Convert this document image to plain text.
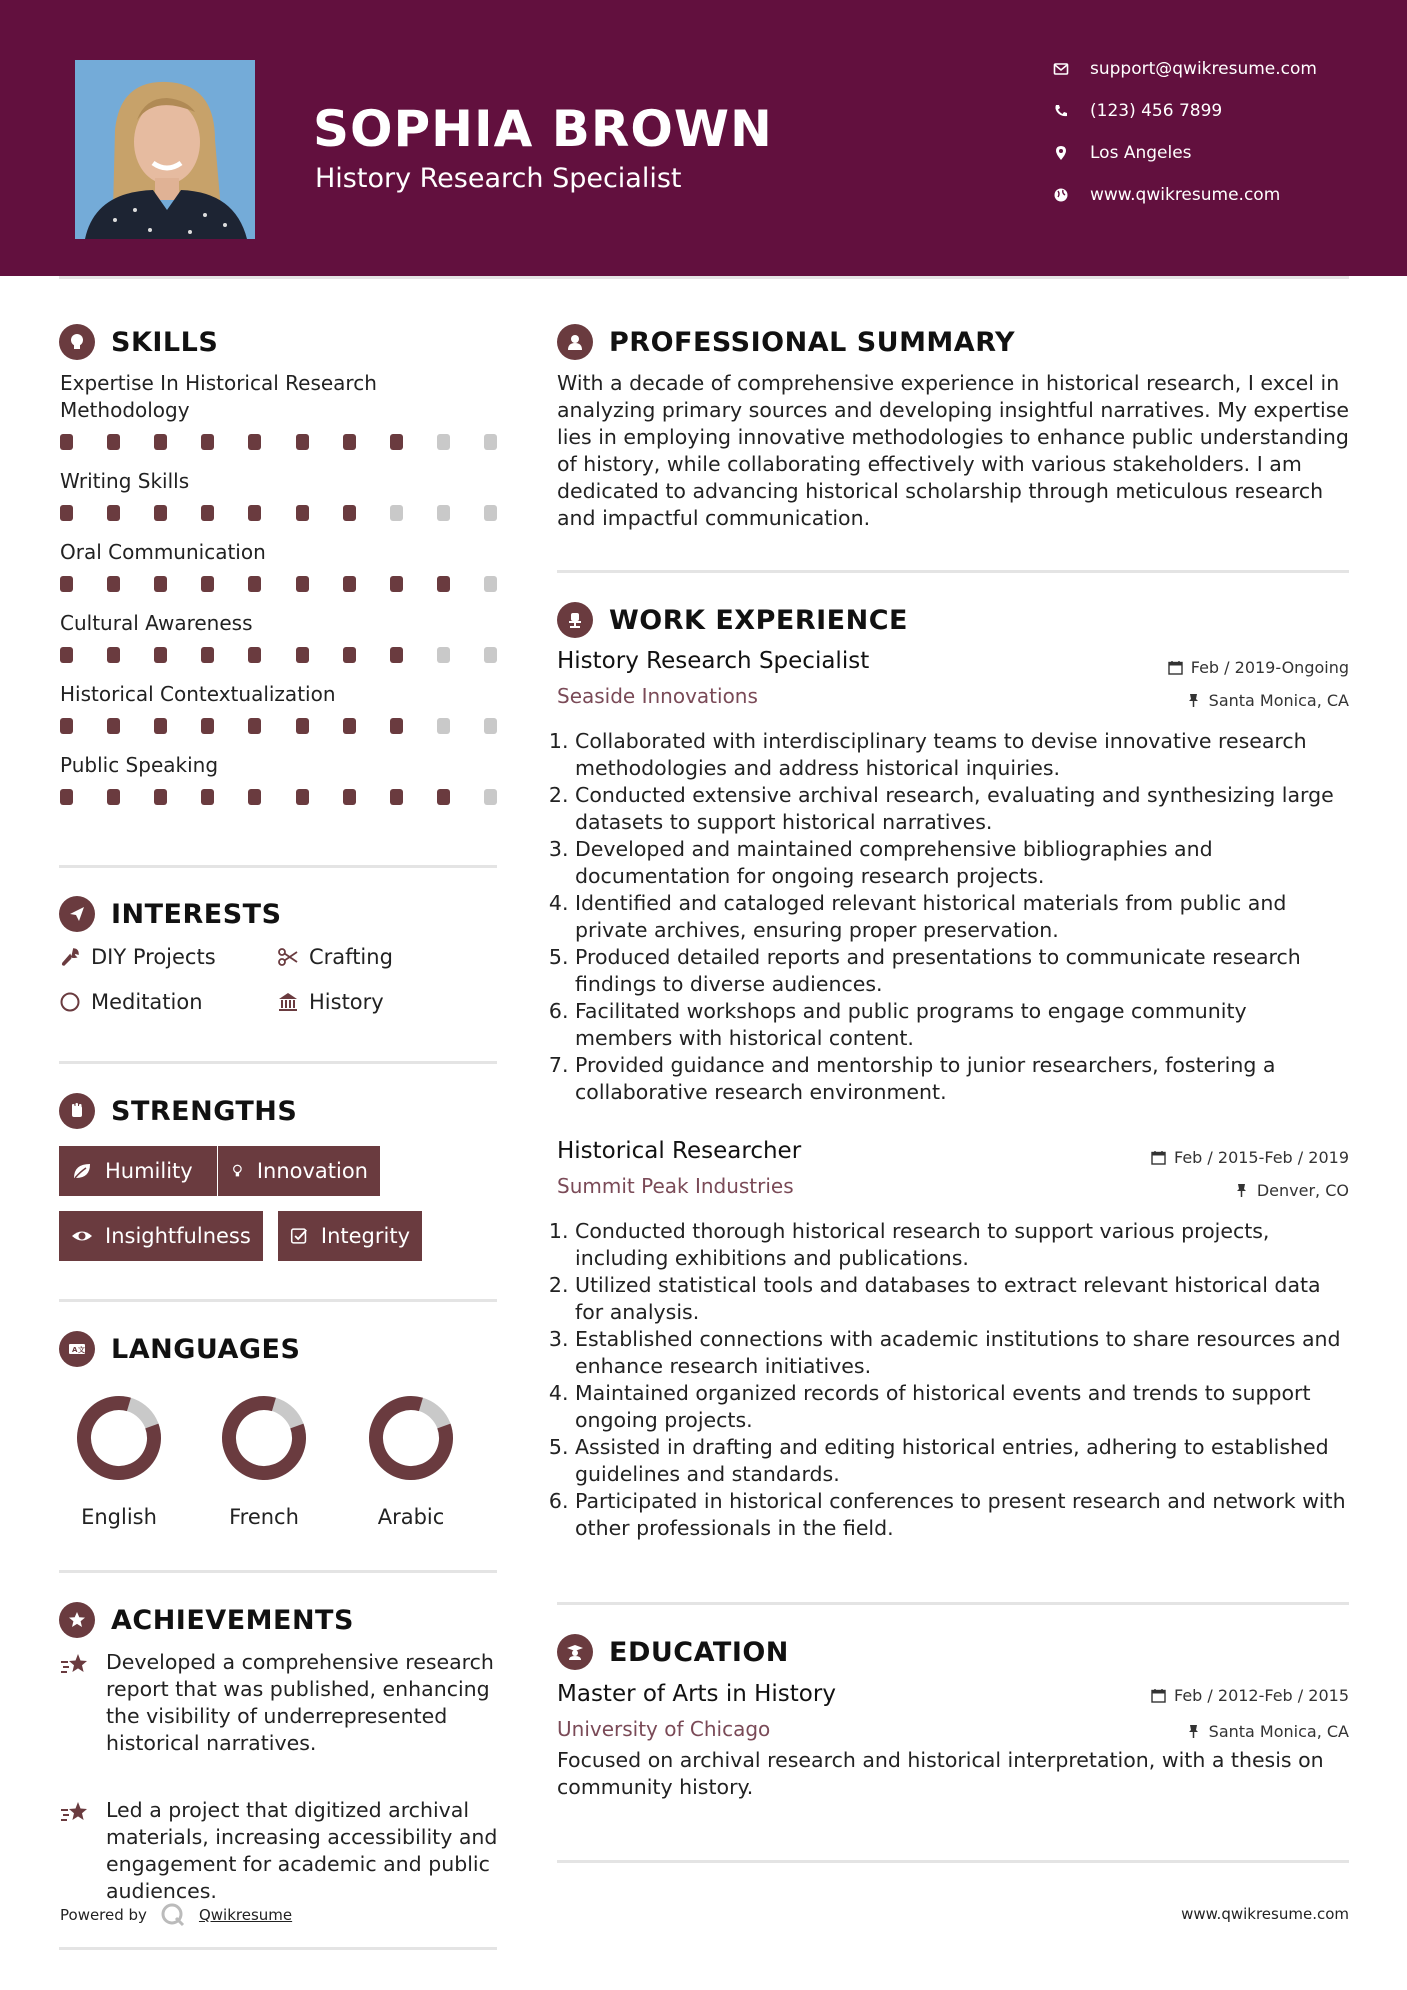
SOPHIA BROWN
History Research Specialist
support@qwikresume.com
(123) 456 7899
Los Angeles
www.qwikresume.com
SKILLS
Expertise In Historical Research Methodology
Writing Skills
Oral Communication
Cultural Awareness
Historical Contextualization
Public Speaking
INTERESTS
DIY Projects	Crafting
Meditation	History
STRENGTHS
Humility	Innovation
Insightfulness	Integrity
A文 LANGUAGES
English	French	Arabic
ACHIEVEMENTS
Developed a comprehensive research report that was published, enhancing the visibility of underrepresented historical narratives.
Led a project that digitized archival materials, increasing accessibility and engagement for academic and public audiences.
PROFESSIONAL SUMMARY
With a decade of comprehensive experience in historical research, I excel in analyzing primary sources and developing insightful narratives. My expertise lies in employing innovative methodologies to enhance public understanding of history, while collaborating effectively with various stakeholders. I am dedicated to advancing historical scholarship through meticulous research and impactful communication.
WORK EXPERIENCE
History Research Specialist
Seaside Innovations
Feb / 2019-Ongoing
Santa Monica, CA
1. Collaborated with interdisciplinary teams to devise innovative research methodologies and address historical inquiries.
2. Conducted extensive archival research, evaluating and synthesizing large datasets to support historical narratives.
3. Developed and maintained comprehensive bibliographies and documentation for ongoing research projects.
4. Identified and cataloged relevant historical materials from public and private archives, ensuring proper preservation.
5. Produced detailed reports and presentations to communicate research findings to diverse audiences.
6. Facilitated workshops and public programs to engage community members with historical content.
7. Provided guidance and mentorship to junior researchers, fostering a collaborative research environment.
Historical Researcher
Summit Peak Industries
Feb / 2015-Feb / 2019
Denver, CO
1. Conducted thorough historical research to support various projects, including exhibitions and publications.
2. Utilized statistical tools and databases to extract relevant historical data for analysis.
3. Established connections with academic institutions to share resources and enhance research initiatives.
4. Maintained organized records of historical events and trends to support ongoing projects.
5. Assisted in drafting and editing historical entries, adhering to established guidelines and standards.
6. Participated in historical conferences to present research and network with other professionals in the field.
EDUCATION
Master of Arts in History
University of Chicago
Focused on archival research and historical interpretation, with a thesis on community history.
Feb / 2012-Feb / 2015
Santa Monica, CA
Powered by	Qwikresume	www.qwikresume.com
